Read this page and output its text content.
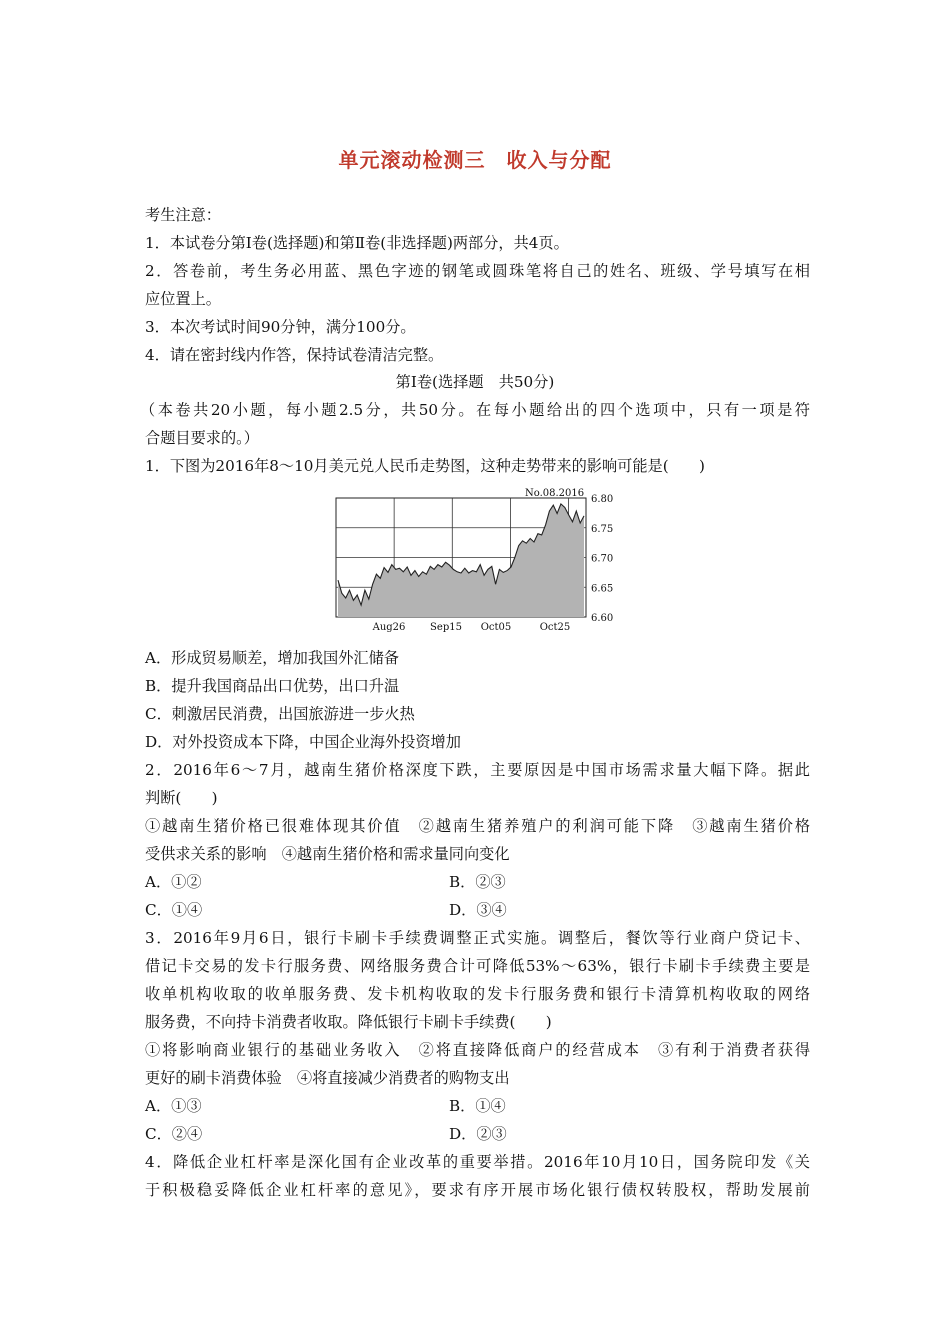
单元滚动检测三　收入与分配
考生注意：
1．本试卷分第Ⅰ卷(选择题)和第Ⅱ卷(非选择题)两部分，共4页。
2．答卷前，考生务必用蓝、黑色字迹的钢笔或圆珠笔将自己的姓名、班级、学号填写在相
应位置上。
3．本次考试时间90分钟，满分100分。
4．请在密封线内作答，保持试卷清洁完整。
第Ⅰ卷(选择题　共50分)
（本卷共20小题，每小题2.5分，共50分。在每小题给出的四个选项中，只有一项是符
合题目要求的。）
1．下图为2016年8～10月美元兑人民币走势图，这种走势带来的影响可能是(　　)
No.08.2016
6.80
6.75
6.70
6.65
6.60
Aug26 Sep15 Oct05	Oct25
A．形成贸易顺差，增加我国外汇储备
B．提升我国商品出口优势，出口升温
C．刺激居民消费，出国旅游进一步火热
D．对外投资成本下降，中国企业海外投资增加
2．2016年6～7月，越南生猪价格深度下跌，主要原因是中国市场需求量大幅下降。据此
判断(　　)
①越南生猪价格已很难体现其价值　②越南生猪养殖户的利润可能下降　③越南生猪价格
受供求关系的影响　④越南生猪价格和需求量同向变化
A．①②	B．②③
C．①④	D．③④
3．2016年9月6日，银行卡刷卡手续费调整正式实施。调整后，餐饮等行业商户贷记卡、
借记卡交易的发卡行服务费、网络服务费合计可降低53%～63%，银行卡刷卡手续费主要是
收单机构收取的收单服务费、发卡机构收取的发卡行服务费和银行卡清算机构收取的网络
服务费，不向持卡消费者收取。降低银行卡刷卡手续费(　　)
①将影响商业银行的基础业务收入　②将直接降低商户的经营成本　③有利于消费者获得
更好的刷卡消费体验　④将直接减少消费者的购物支出
A．①③	B．①④
C．②④	D．②③
4．降低企业杠杆率是深化国有企业改革的重要举措。2016年10月10日，国务院印发《关
于积极稳妥降低企业杠杆率的意见》，要求有序开展市场化银行债权转股权，帮助发展前
